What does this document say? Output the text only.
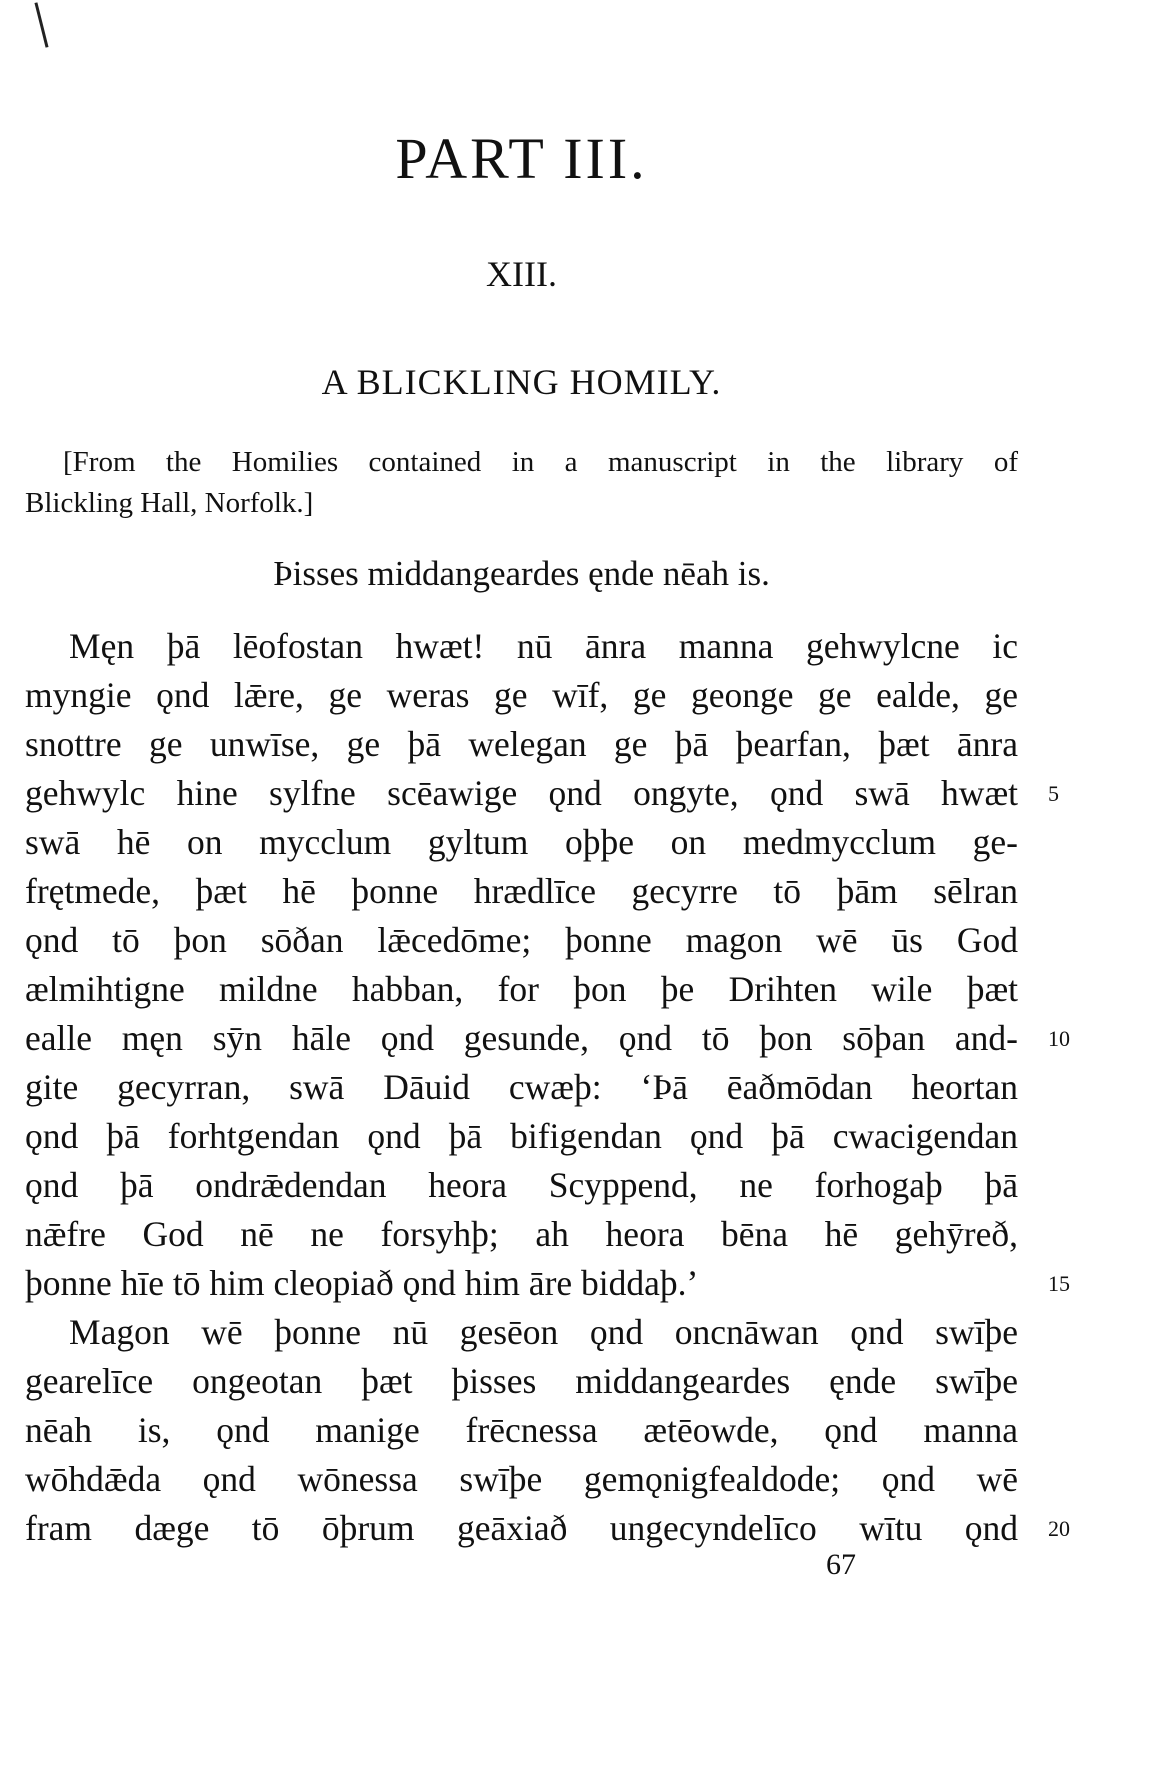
PART III.
XIII.
A BLICKLING HOMILY.
[From the Homilies contained in a manuscript in the library of
Blickling Hall, Norfolk.]
Þisses middangeardes ęnde nēah is.
Męn þā lēofostan hwæt! nū ānra manna gehwylcne ic
myngie ǫnd lǣre, ge weras ge wīf, ge geonge ge ealde, ge
snottre ge unwīse, ge þā welegan ge þā þearfan, þæt ānra
gehwylc hine sylfne scēawige ǫnd ongyte, ǫnd swā hwæt 5
swā hē on mycclum gyltum oþþe on medmycclum ge-
frętmede, þæt hē þonne hrædlīce gecyrre tō þām sēlran
ǫnd tō þon sōðan lǣcedōme; þonne magon wē ūs God
ælmihtigne mildne habban, for þon þe Drihten wile þæt
ealle męn sȳn hāle ǫnd gesunde, ǫnd tō þon sōþan and- 10
gite gecyrran, swā Dāuid cwæþ: ‘Þā ēaðmōdan heortan
ǫnd þā forhtgendan ǫnd þā bifigendan ǫnd þā cwacigendan
ǫnd þā ondrǣdendan heora Scyppend, ne forhogaþ þā
nǣfre God nē ne forsyhþ; ah heora bēna hē gehȳreð,
þonne hīe tō him cleopiað ǫnd him āre biddaþ.’	15
Magon wē þonne nū gesēon ǫnd oncnāwan ǫnd swīþe
gearelīce ongeotan þæt þisses middangeardes ęnde swīþe
nēah is, ǫnd manige frēcnessa ætēowde, ǫnd manna
wōhdǣda ǫnd wōnessa swīþe gemǫnigfealdode; ǫnd wē
fram dæge tō ōþrum geāxiað ungecyndelīco wītu ǫnd 20
67
